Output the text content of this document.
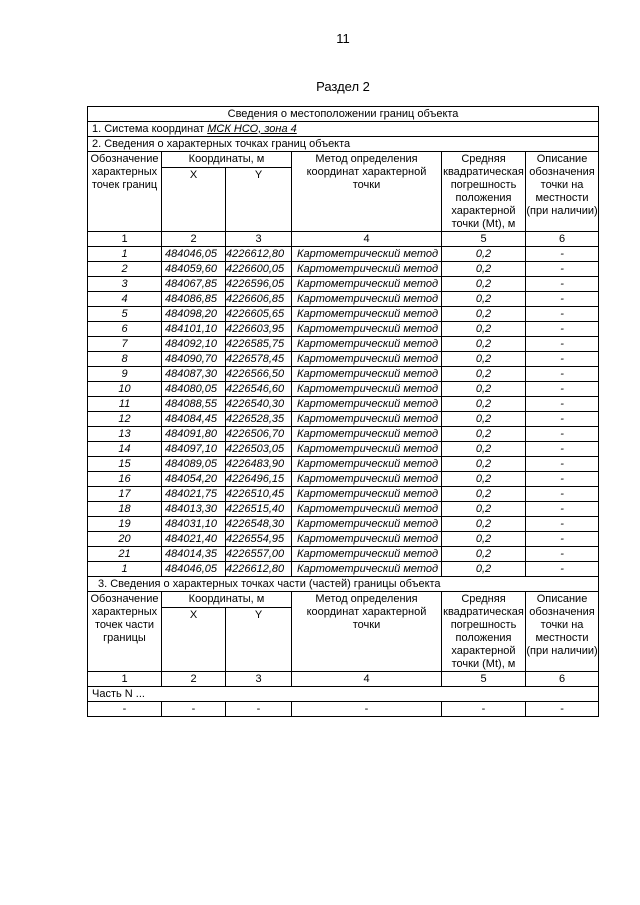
11
Раздел 2
Сведения о местоположении границ объекта					
1. Система координат МСК НСО, зона 4					
2. Сведения о характерных точках границ объекта					
Обозначение характерных точек границ	Координаты, м		Метод определения координат характерной точки	Средняя квадратическая погрешность положения характерной точки (Mt), м	Описание обозначения точки на местности (при наличии)
	X	Y			
1	2	3	4	5	6
1	484046,05	4226612,80	Картометрический метод	0,2	-
2	484059,60	4226600,05	Картометрический метод	0,2	-
3	484067,85	4226596,05	Картометрический метод	0,2	-
4	484086,85	4226606,85	Картометрический метод	0,2	-
5	484098,20	4226605,65	Картометрический метод	0,2	-
6	484101,10	4226603,95	Картометрический метод	0,2	-
7	484092,10	4226585,75	Картометрический метод	0,2	-
8	484090,70	4226578,45	Картометрический метод	0,2	-
9	484087,30	4226566,50	Картометрический метод	0,2	-
10	484080,05	4226546,60	Картометрический метод	0,2	-
11	484088,55	4226540,30	Картометрический метод	0,2	-
12	484084,45	4226528,35	Картометрический метод	0,2	-
13	484091,80	4226506,70	Картометрический метод	0,2	-
14	484097,10	4226503,05	Картометрический метод	0,2	-
15	484089,05	4226483,90	Картометрический метод	0,2	-
16	484054,20	4226496,15	Картометрический метод	0,2	-
17	484021,75	4226510,45	Картометрический метод	0,2	-
18	484013,30	4226515,40	Картометрический метод	0,2	-
19	484031,10	4226548,30	Картометрический метод	0,2	-
20	484021,40	4226554,95	Картометрический метод	0,2	-
21	484014,35	4226557,00	Картометрический метод	0,2	-
1	484046,05	4226612,80	Картометрический метод	0,2	-
3. Сведения о характерных точках части (частей) границы объекта					
Обозначение характерных точек части границы	Координаты, м		Метод определения координат характерной точки	Средняя квадратическая погрешность положения характерной точки (Mt), м	Описание обозначения точки на местности (при наличии)
	X	Y			
1	2	3	4	5	6
Часть N ...					
-	-	-	-	-	-
